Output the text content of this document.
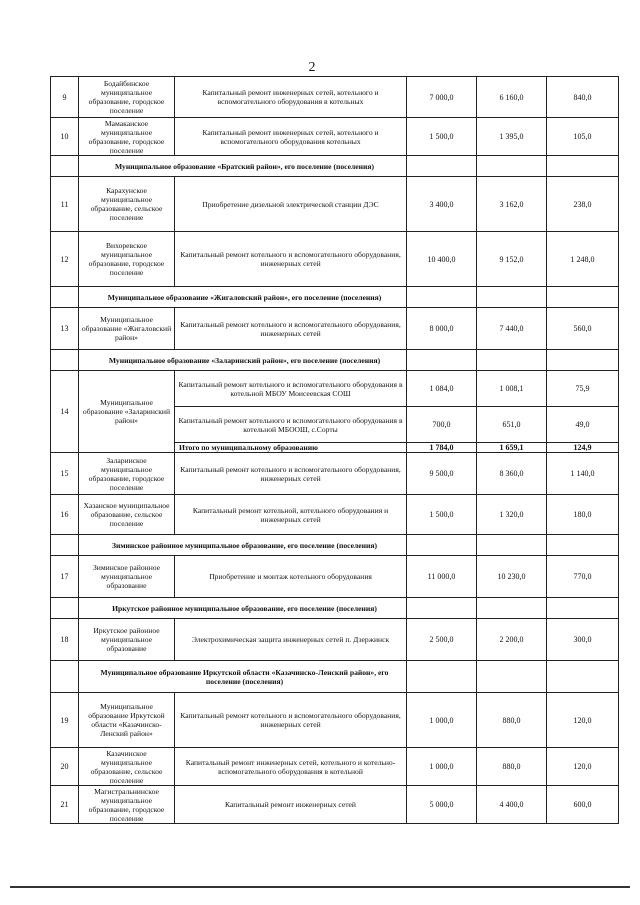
2
9	Бодайбинское муниципальное образование, городское поселение	Капитальный ремонт инженерных сетей, котельного и вспомогательного оборудования в котельных	7 000,0	6 160,0	840,0
10	Мамаканское муниципальное образование, городское поселение	Капитальный ремонт инженерных сетей, котельного и вспомогательного оборудования котельных	1 500,0	1 395,0	105,0
	Муниципальное образование «Братский район», его поселение (поселения)				
11	Карахунское муниципальное образование, сельское поселение	Приобретение дизельной электрической станции ДЭС	3 400,0	3 162,0	238,0
12	Вихоревское муниципальное образование, городское поселение	Капитальный ремонт котельного и вспомогательного оборудования, инженерных сетей	10 400,0	9 152,0	1 248,0
	Муниципальное образование «Жигаловский район», его поселение (поселения)				
13	Муниципальное образование «Жигаловский район»	Капитальный ремонт котельного и вспомогательного оборудования, инженерных сетей	8 000,0	7 440,0	560,0
	Муниципальное образование «Заларинский район», его поселение (поселения)				
14	Муниципальное образование «Заларинский район»	Капитальный ремонт котельного и вспомогательного оборудования в котельной МБОУ Моисеевская СОШ	1 084,0	1 008,1	75,9
		Капитальный ремонт котельного и вспомогательного оборудования в котельной МБООШ, с.Сорты	700,0	651,0	49,0
		Итого по муниципальному образованию	1 784,0	1 659,1	124,9
15	Заларинское муниципальное образование, городское поселение	Капитальный ремонт котельного и вспомогательного оборудования, инженерных сетей	9 500,0	8 360,0	1 140,0
16	Хазанское муниципальное образование, сельское поселение	Капитальный ремонт котельной, котельного оборудования и инженерных сетей	1 500,0	1 320,0	180,0
	Зиминское районное муниципальное образование, его поселение (поселения)				
17	Зиминское районное муниципальное образование	Приобретение и монтаж котельного оборудования	11 000,0	10 230,0	770,0
	Иркутское районное муниципальное образование, его поселение (поселения)				
18	Иркутское районное муниципальное образование	Электрохимическая защита инженерных сетей п. Дзержинск	2 500,0	2 200,0	300,0
	Муниципальное образование Иркутской области «Казачинско-Ленский район», его поселение (поселения)				
19	Муниципальное образование Иркутской области «Казачинско-Ленский район»	Капитальный ремонт котельного и вспомогательного оборудования, инженерных сетей	1 000,0	880,0	120,0
20	Казачинское муниципальное образование, сельское поселение	Капитальный ремонт инженерных сетей, котельного и котельно-вспомогательного оборудования в котельной	1 000,0	880,0	120,0
21	Магистральнинское муниципальное образование, городское поселение	Капитальный ремонт инженерных сетей	5 000,0	4 400,0	600,0
